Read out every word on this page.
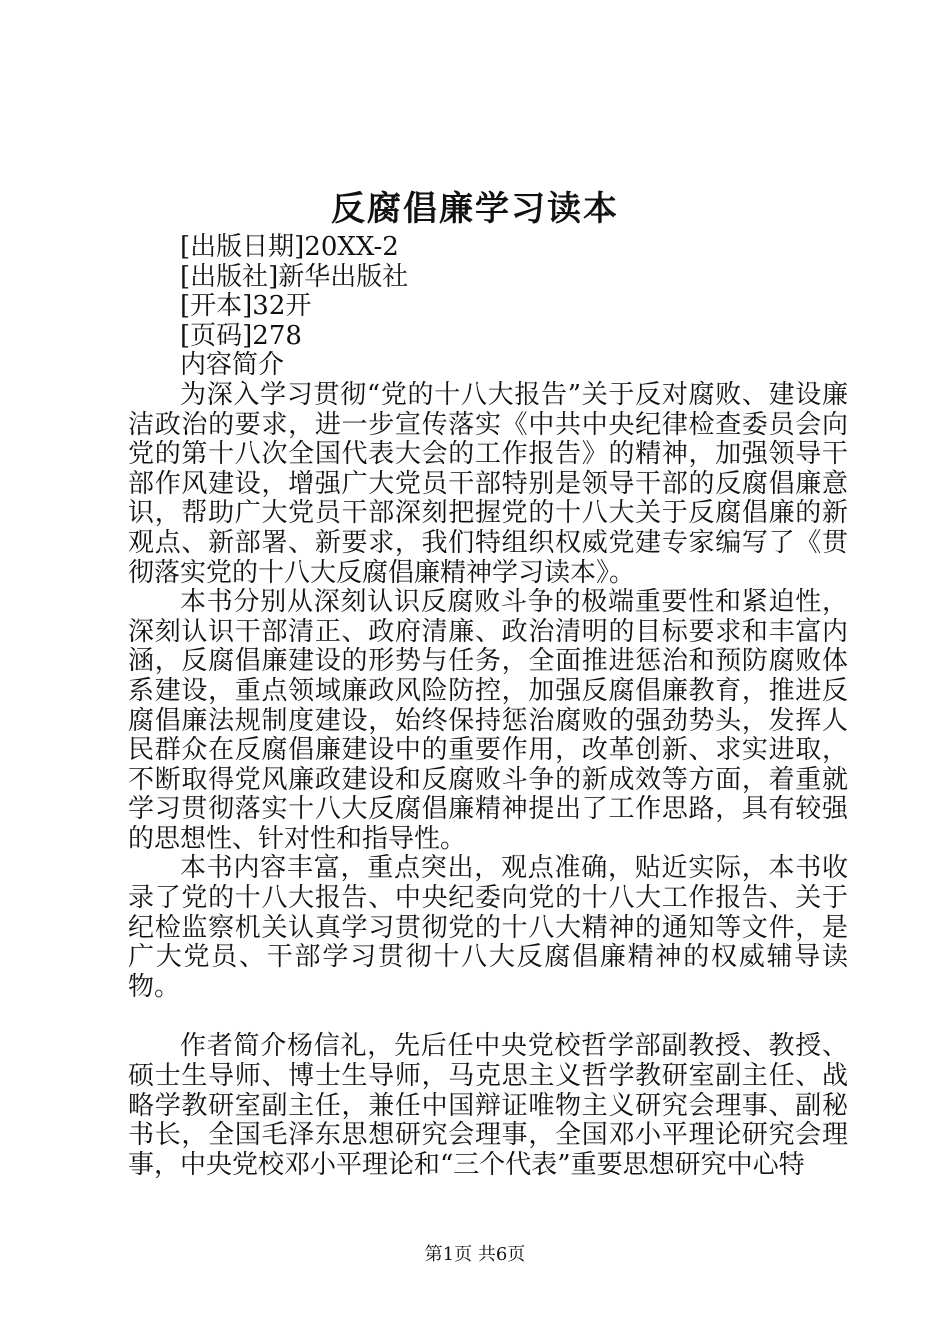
反腐倡廉学习读本
[出版日期]20XX-2
[出版社]新华出版社
[开本]32开
[页码]278
内容简介

为深入学习贯彻“党的十八大报告”关于反对腐败、建设廉洁政治的要求，进一步宣传落实《中共中央纪律检查委员会向党的第十八次全国代表大会的工作报告》的精神，加强领导干部作风建设，增强广大党员干部特别是领导干部的反腐倡廉意识，帮助广大党员干部深刻把握党的十八大关于反腐倡廉的新观点、新部署、新要求，我们特组织权威党建专家编写了《贯彻落实党的十八大反腐倡廉精神学习读本》。

本书分别从深刻认识反腐败斗争的极端重要性和紧迫性，深刻认识干部清正、政府清廉、政治清明的目标要求和丰富内涵，反腐倡廉建设的形势与任务，全面推进惩治和预防腐败体系建设，重点领域廉政风险防控，加强反腐倡廉教育，推进反腐倡廉法规制度建设，始终保持惩治腐败的强劲势头，发挥人民群众在反腐倡廉建设中的重要作用，改革创新、求实进取，不断取得党风廉政建设和反腐败斗争的新成效等方面，着重就学习贯彻落实十八大反腐倡廉精神提出了工作思路，具有较强的思想性、针对性和指导性。

本书内容丰富，重点突出，观点准确，贴近实际，本书收录了党的十八大报告、中央纪委向党的十八大工作报告、关于纪检监察机关认真学习贯彻党的十八大精神的通知等文件，是广大党员、干部学习贯彻十八大反腐倡廉精神的权威辅导读物。

作者简介杨信礼，先后任中央党校哲学部副教授、教授、硕士生导师、博士生导师，马克思主义哲学教研室副主任、战略学教研室副主任，兼任中国辩证唯物主义研究会理事、副秘书长，全国毛泽东思想研究会理事，全国邓小平理论研究会理事，中央党校邓小平理论和“三个代表”重要思想研究中心特

第1页 共6页
